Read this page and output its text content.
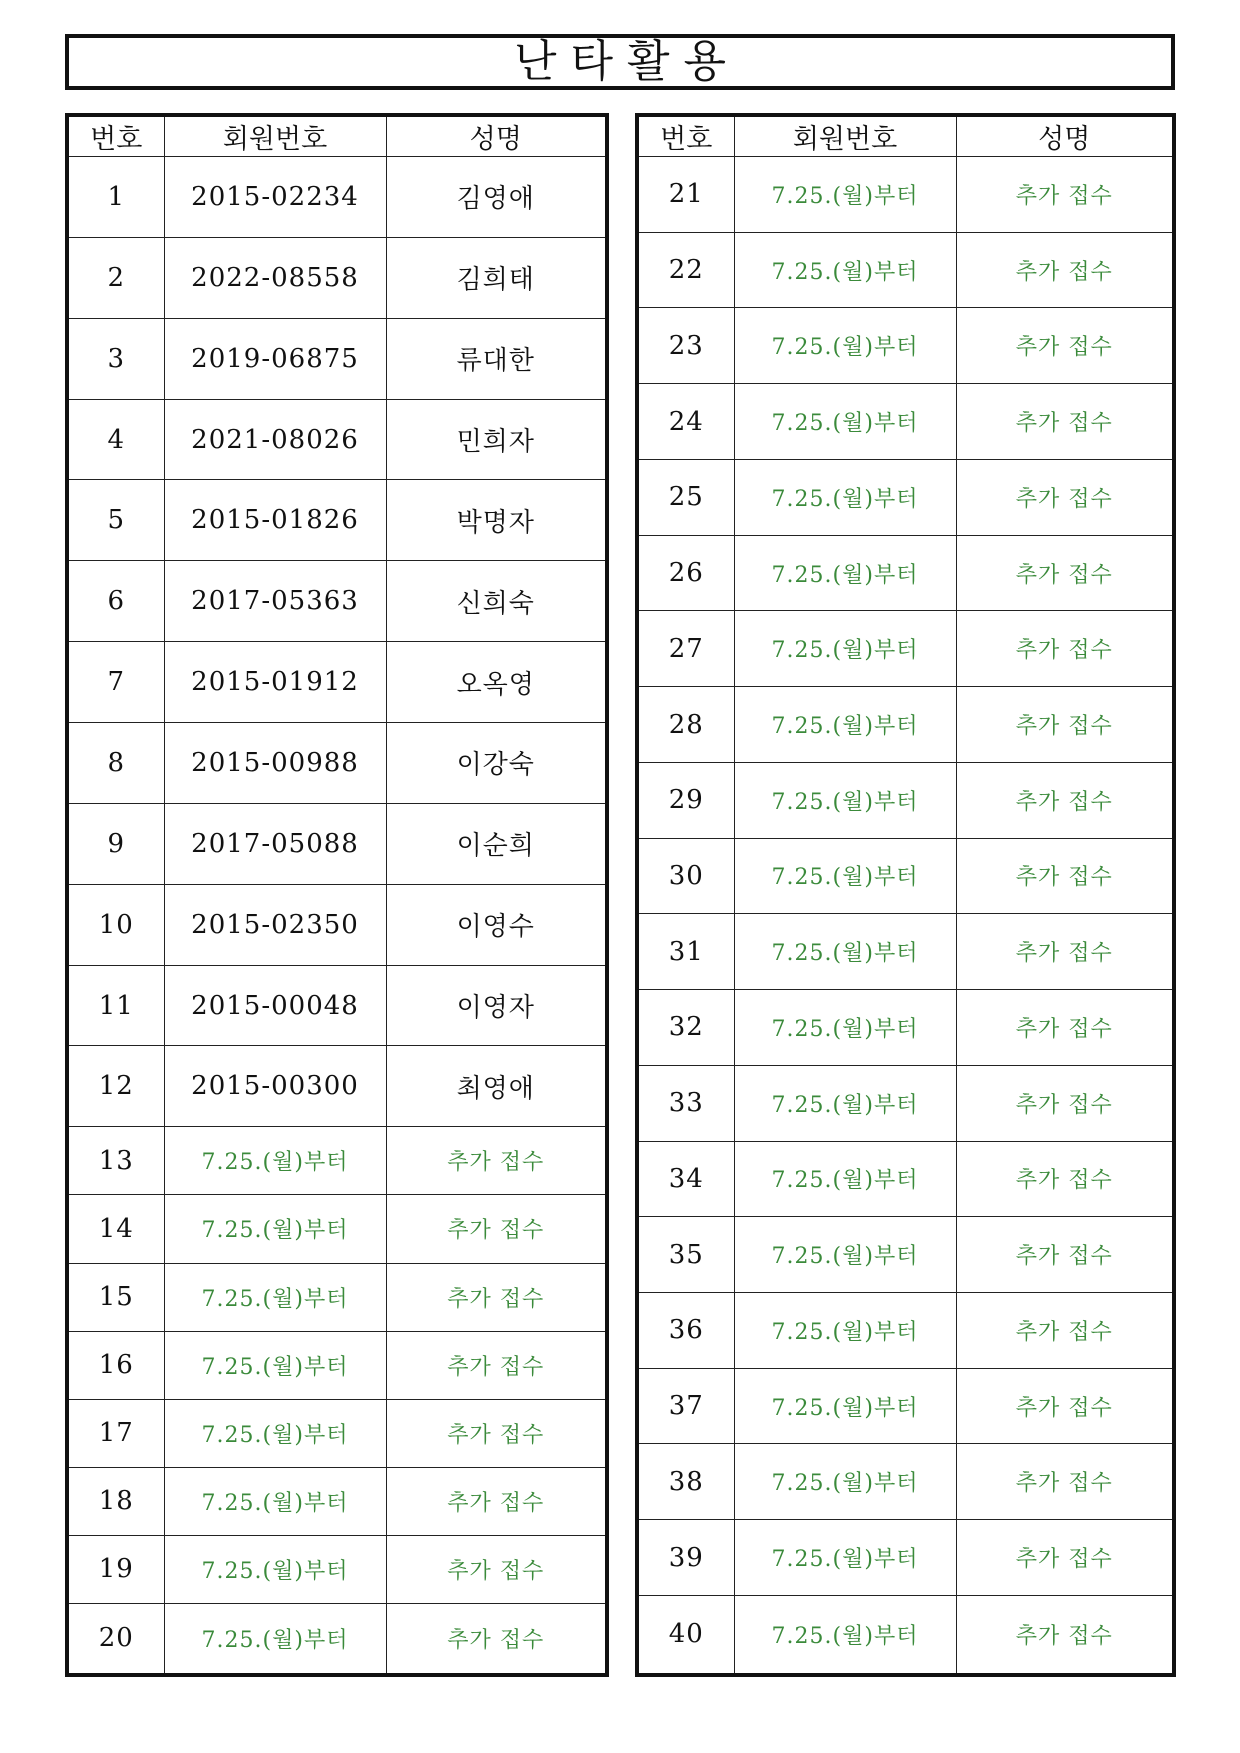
난타활용
번호	회원번호	성명
1	2015-02234	김영애
2	2022-08558	김희태
3	2019-06875	류대한
4	2021-08026	민희자
5	2015-01826	박명자
6	2017-05363	신희숙
7	2015-01912	오옥영
8	2015-00988	이강숙
9	2017-05088	이순희
10	2015-02350	이영수
11	2015-00048	이영자
12	2015-00300	최영애
13	7.25.(월)부터	추가 접수
14	7.25.(월)부터	추가 접수
15	7.25.(월)부터	추가 접수
16	7.25.(월)부터	추가 접수
17	7.25.(월)부터	추가 접수
18	7.25.(월)부터	추가 접수
19	7.25.(월)부터	추가 접수
20	7.25.(월)부터	추가 접수
번호	회원번호	성명
21	7.25.(월)부터	추가 접수
22	7.25.(월)부터	추가 접수
23	7.25.(월)부터	추가 접수
24	7.25.(월)부터	추가 접수
25	7.25.(월)부터	추가 접수
26	7.25.(월)부터	추가 접수
27	7.25.(월)부터	추가 접수
28	7.25.(월)부터	추가 접수
29	7.25.(월)부터	추가 접수
30	7.25.(월)부터	추가 접수
31	7.25.(월)부터	추가 접수
32	7.25.(월)부터	추가 접수
33	7.25.(월)부터	추가 접수
34	7.25.(월)부터	추가 접수
35	7.25.(월)부터	추가 접수
36	7.25.(월)부터	추가 접수
37	7.25.(월)부터	추가 접수
38	7.25.(월)부터	추가 접수
39	7.25.(월)부터	추가 접수
40	7.25.(월)부터	추가 접수
